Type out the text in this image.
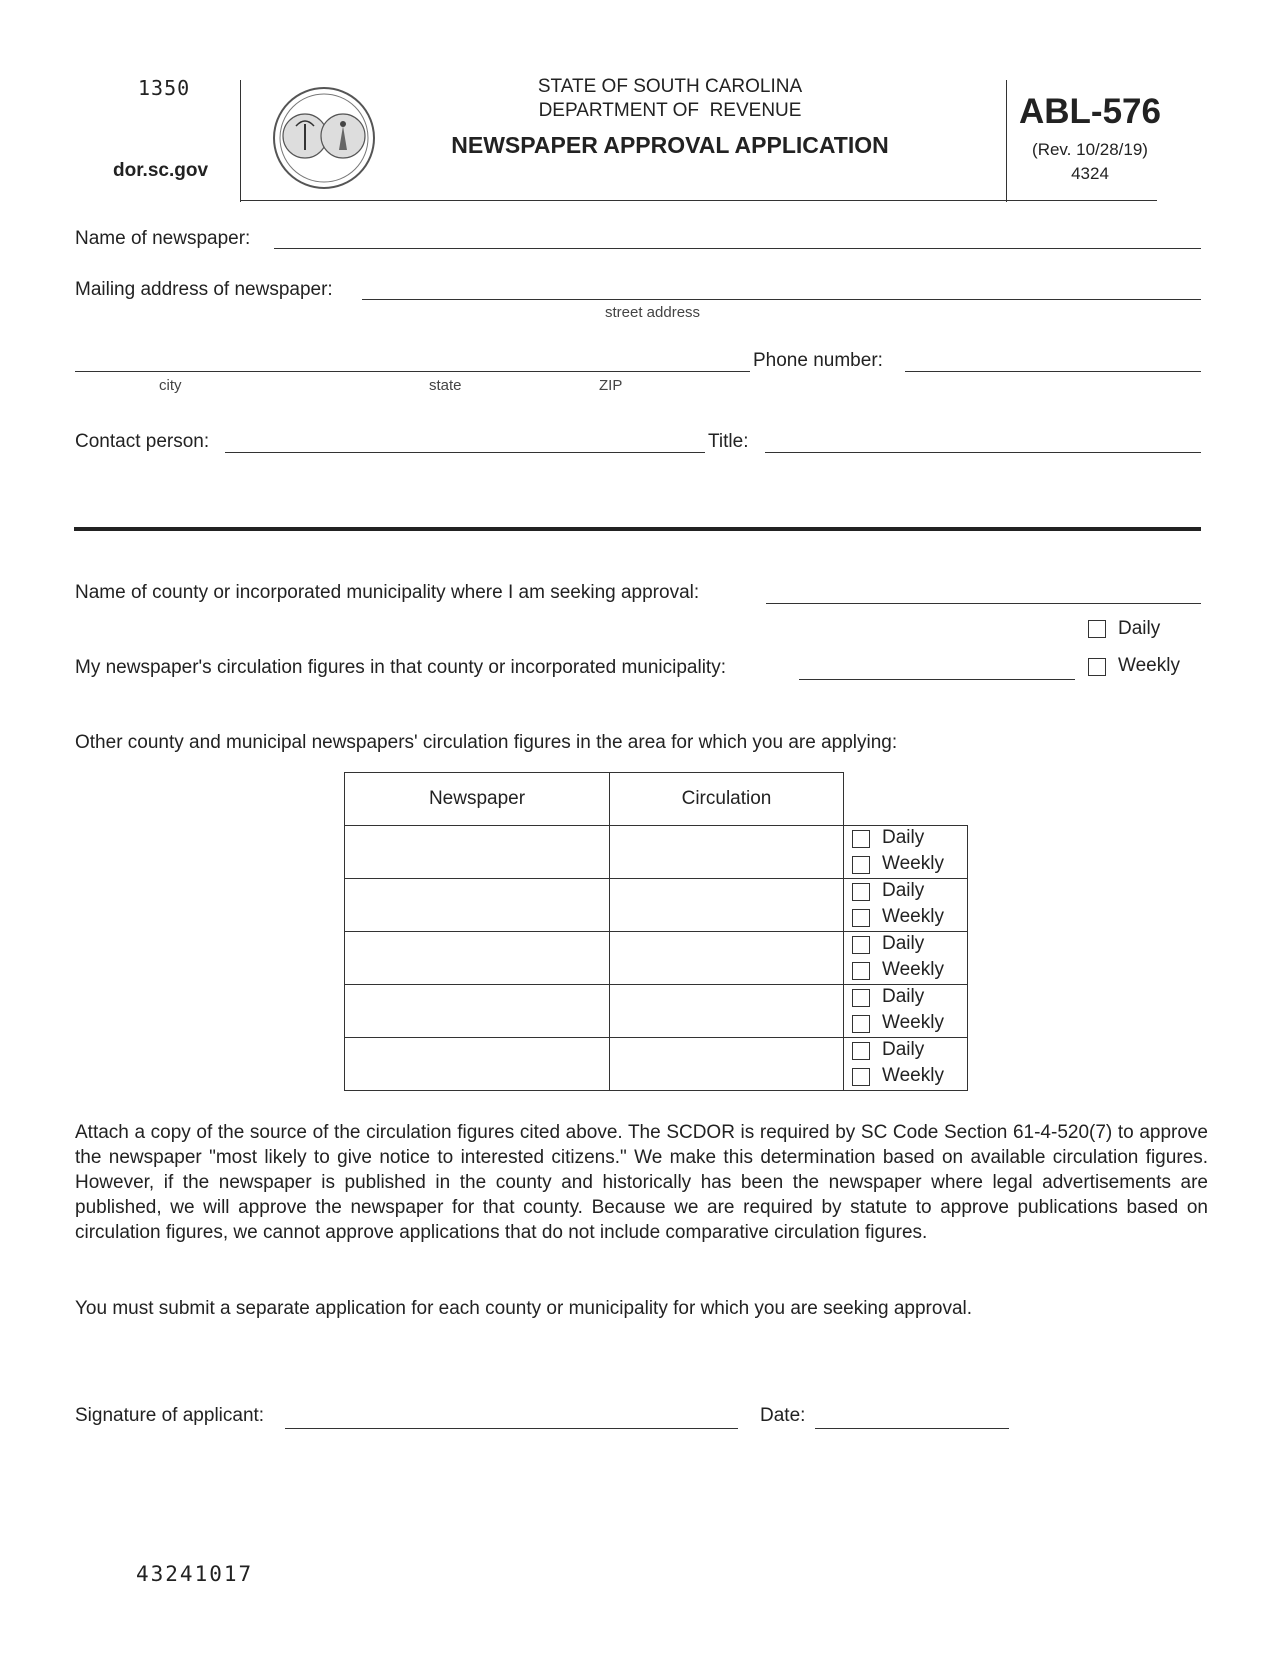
1350
dor.sc.gov
STATE OF SOUTH CAROLINA
DEPARTMENT OF  REVENUE
NEWSPAPER APPROVAL APPLICATION
ABL-576
(Rev. 10/28/19)
4324
Name of newspaper:
Mailing address of newspaper:
street address
Phone number:
city	state	ZIP
Contact person:	Title:
Name of county or incorporated municipality where I am seeking approval:
Daily
My newspaper's circulation figures in that county or incorporated municipality:	Weekly
Other county and municipal newspapers' circulation figures in the area for which you are applying:
Newspaper	Circulation	

		Daily
Weekly

		Daily
Weekly

		Daily
Weekly

		Daily
Weekly

		Daily
Weekly
Attach a copy of the source of the circulation figures cited above. The SCDOR is required by SC Code Section 61-4-520(7) to approve the newspaper "most likely to give notice to interested citizens." We make this determination based on available circulation figures. However, if the newspaper is published in the county and historically has been the newspaper where legal advertisements are published, we will approve the newspaper for that county. Because we are required by statute to approve publications based on circulation figures, we cannot approve applications that do not include comparative circulation figures.
You must submit a separate application for each county or municipality for which you are seeking approval.
Signature of applicant:	Date:
43241017
